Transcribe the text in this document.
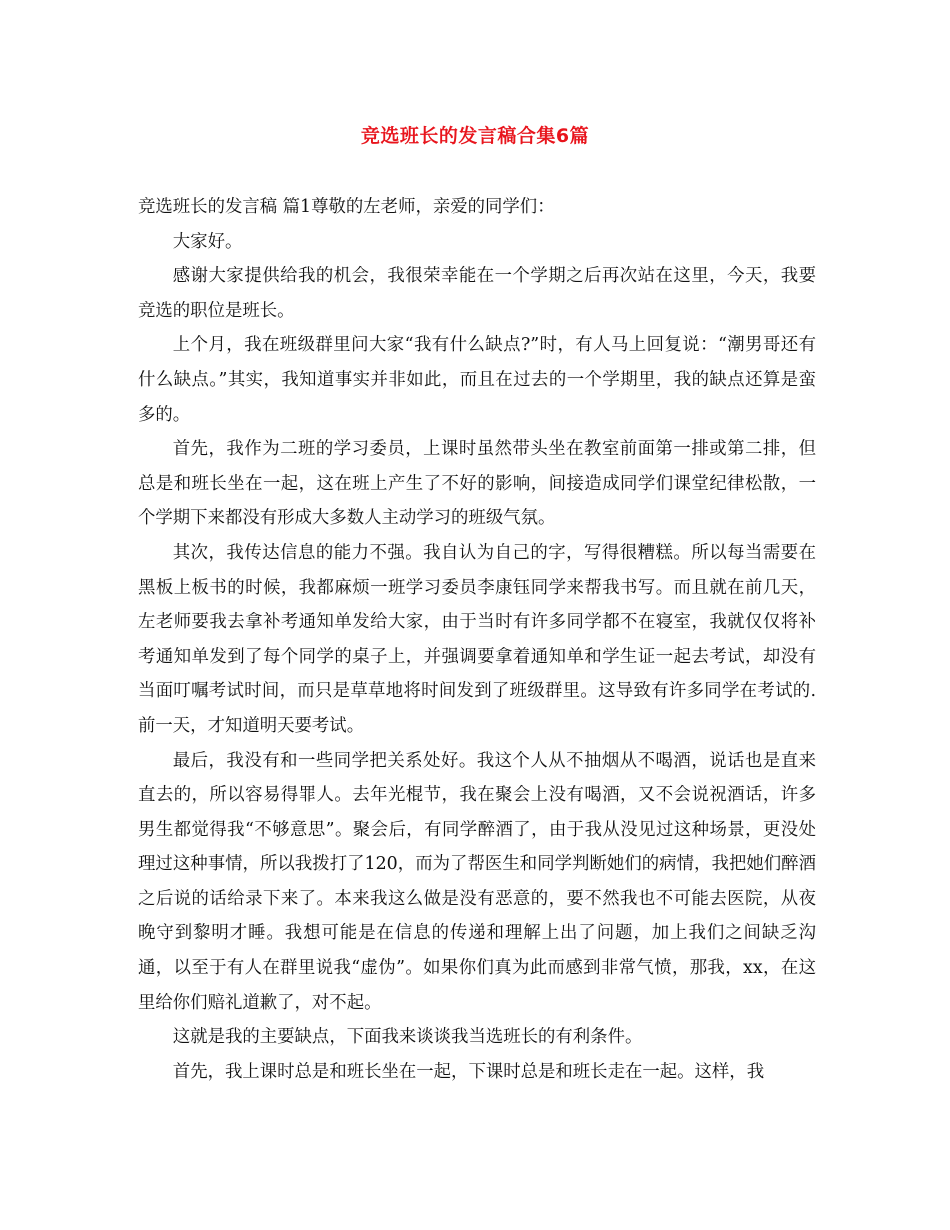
竞选班长的发言稿合集6篇

竞选班长的发言稿 篇1尊敬的左老师，亲爱的同学们：

大家好。

感谢大家提供给我的机会，我很荣幸能在一个学期之后再次站在这里，今天，我要竞选的职位是班长。

上个月，我在班级群里问大家“我有什么缺点?”时，有人马上回复说：“潮男哥还有什么缺点。”其实，我知道事实并非如此，而且在过去的一个学期里，我的缺点还算是蛮多的。

首先，我作为二班的学习委员，上课时虽然带头坐在教室前面第一排或第二排，但总是和班长坐在一起，这在班上产生了不好的影响，间接造成同学们课堂纪律松散，一个学期下来都没有形成大多数人主动学习的班级气氛。

其次，我传达信息的能力不强。我自认为自己的字，写得很糟糕。所以每当需要在黑板上板书的时候，我都麻烦一班学习委员李康钰同学来帮我书写。而且就在前几天，左老师要我去拿补考通知单发给大家，由于当时有许多同学都不在寝室，我就仅仅将补考通知单发到了每个同学的桌子上，并强调要拿着通知单和学生证一起去考试，却没有当面叮嘱考试时间，而只是草草地将时间发到了班级群里。这导致有许多同学在考试的.前一天，才知道明天要考试。

最后，我没有和一些同学把关系处好。我这个人从不抽烟从不喝酒，说话也是直来直去的，所以容易得罪人。去年光棍节，我在聚会上没有喝酒，又不会说祝酒话，许多男生都觉得我“不够意思”。聚会后，有同学醉酒了，由于我从没见过这种场景，更没处理过这种事情，所以我拨打了120，而为了帮医生和同学判断她们的病情，我把她们醉酒之后说的话给录下来了。本来我这么做是没有恶意的，要不然我也不可能去医院，从夜晚守到黎明才睡。我想可能是在信息的传递和理解上出了问题，加上我们之间缺乏沟通，以至于有人在群里说我“虚伪”。如果你们真为此而感到非常气愤，那我，xx，在这里给你们赔礼道歉了，对不起。

这就是我的主要缺点，下面我来谈谈我当选班长的有利条件。

首先，我上课时总是和班长坐在一起，下课时总是和班长走在一起。这样，我
